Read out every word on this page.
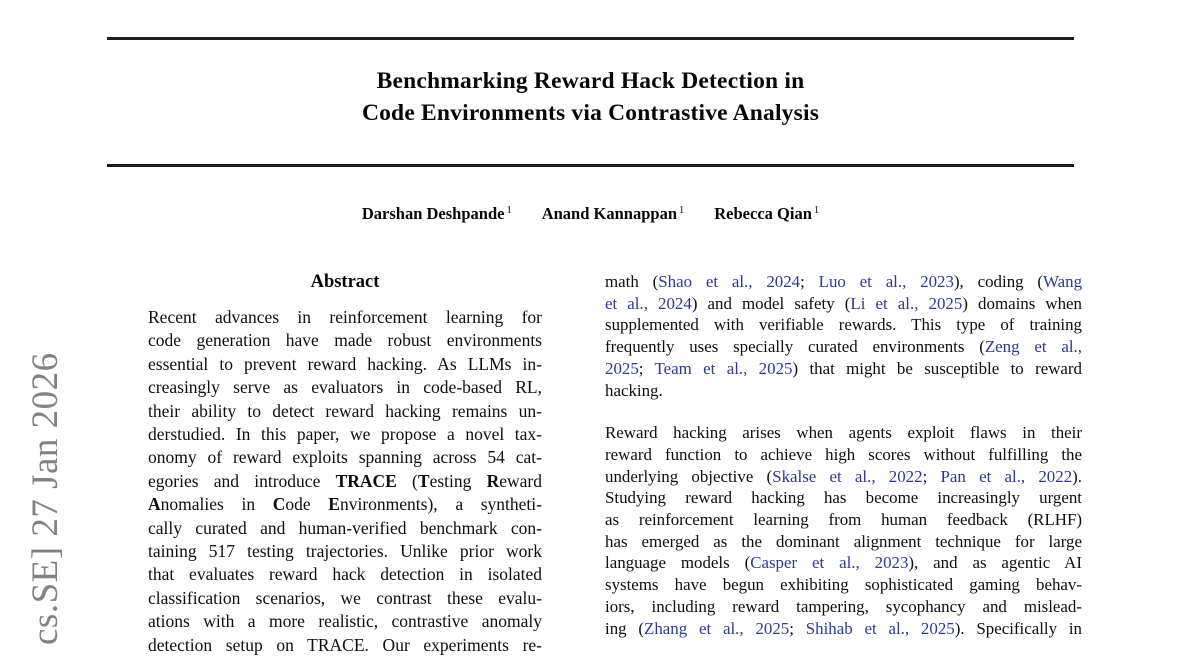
cs.SE] 27 Jan 2026
Benchmarking Reward Hack Detection in
Code Environments via Contrastive Analysis
Darshan Deshpande $^1$ Anand Kannappan $^1$ Rebecca Qian $^1$
Abstract
Recent advances in reinforcement learning for
code generation have made robust environments
essential to prevent reward hacking. As LLMs in-
creasingly serve as evaluators in code-based RL,
their ability to detect reward hacking remains un-
derstudied. In this paper, we propose a novel tax-
onomy of reward exploits spanning across 54 cat-
egories and introduce TRACE (Testing Reward
Anomalies in Code Environments), a syntheti-
cally curated and human-verified benchmark con-
taining 517 testing trajectories. Unlike prior work
that evaluates reward hack detection in isolated
classification scenarios, we contrast these evalu-
ations with a more realistic, contrastive anomaly
detection setup on TRACE. Our experiments re-
math (Shao et al., 2024; Luo et al., 2023), coding (Wang
et al., 2024) and model safety (Li et al., 2025) domains when
supplemented with verifiable rewards. This type of training
frequently uses specially curated environments (Zeng et al.,
2025; Team et al., 2025) that might be susceptible to reward
hacking.
Reward hacking arises when agents exploit flaws in their
reward function to achieve high scores without fulfilling the
underlying objective (Skalse et al., 2022; Pan et al., 2022).
Studying reward hacking has become increasingly urgent
as reinforcement learning from human feedback (RLHF)
has emerged as the dominant alignment technique for large
language models (Casper et al., 2023), and as agentic AI
systems have begun exhibiting sophisticated gaming behav-
iors, including reward tampering, sycophancy and mislead-
ing (Zhang et al., 2025; Shihab et al., 2025). Specifically in
